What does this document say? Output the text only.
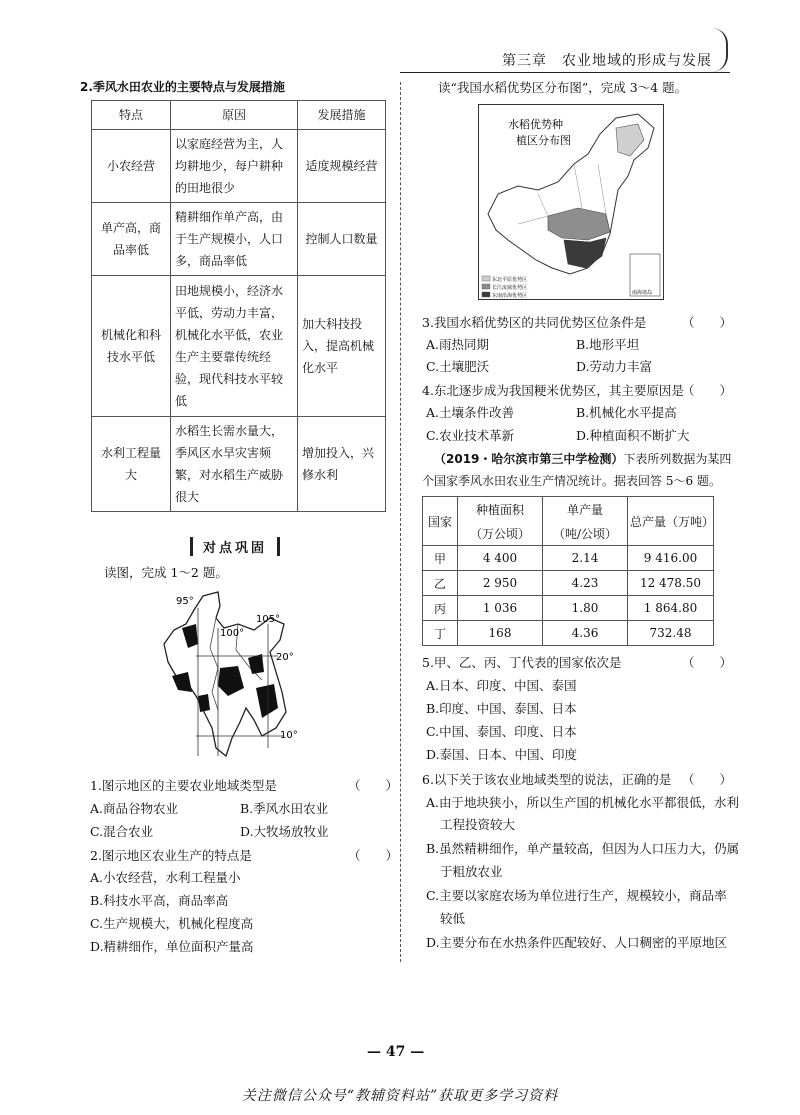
第三章　农业地域的形成与发展
2.季风水田农业的主要特点与发展措施
特点	原因	发展措施
小农经营	以家庭经营为主，人均耕地少，每户耕种的田地很少	适度规模经营
单产高，商品率低	精耕细作单产高，由于生产规模小，人口多，商品率低	控制人口数量
机械化和科技水平低	田地规模小，经济水平低，劳动力丰富，机械化水平低，农业生产主要靠传统经验，现代科技水平较低	加大科技投入，提高机械化水平
水利工程量大	水稻生长需水量大，季风区水旱灾害频繁，对水稻生产威胁很大	增加投入，兴修水利
对点巩固
读图，完成 1～2 题。
95°
100°
105°
20°
10°
1.图示地区的主要农业地域类型是	（　　）
A.商品谷物农业	B.季风水田农业
C.混合农业	D.大牧场放牧业
2.图示地区农业生产的特点是	（　　）
A.小农经营，水利工程量小
B.科技水平高，商品率高
C.生产规模大，机械化程度高
D.精耕细作，单位面积产量高
读“我国水稻优势区分布图”，完成 3～4 题。
水稻优势种
植区分布图
东北平原优势区
长江流域优势区
东南沿海优势区	南海诸岛
3.我国水稻优势区的共同优势区位条件是	（　　）
A.雨热同期	B.地形平坦
C.土壤肥沃	D.劳动力丰富
4.东北逐步成为我国粳米优势区，其主要原因是
（　　）
A.土壤条件改善	B.机械化水平提高
C.农业技术革新	D.种植面积不断扩大
（2019・哈尔滨市第三中学检测）下表所列数据为某四
个国家季风水田农业生产情况统计。据表回答 5～6 题。
国家	种植面积	单产量	总产量（万吨）
	（万公顷）	（吨/公顷）	
甲	4 400	2.14	9 416.00
乙	2 950	4.23	12 478.50
丙	1 036	1.80	1 864.80
丁	168	4.36	732.48
5.甲、乙、丙、丁代表的国家依次是	（　　）
A.日本、印度、中国、泰国
B.印度、中国、泰国、日本
C.中国、泰国、印度、日本
D.泰国、日本、中国、印度
6.以下关于该农业地域类型的说法，正确的是 （　　）
A.由于地块狭小，所以生产国的机械化水平都很低，水利
工程投资较大
B.虽然精耕细作，单产量较高，但因为人口压力大，仍属
于粗放农业
C.主要以家庭农场为单位进行生产，规模较小，商品率
较低
D.主要分布在水热条件匹配较好、人口稠密的平原地区
— 47 —
关注微信公众号“教辅资料站”获取更多学习资料
